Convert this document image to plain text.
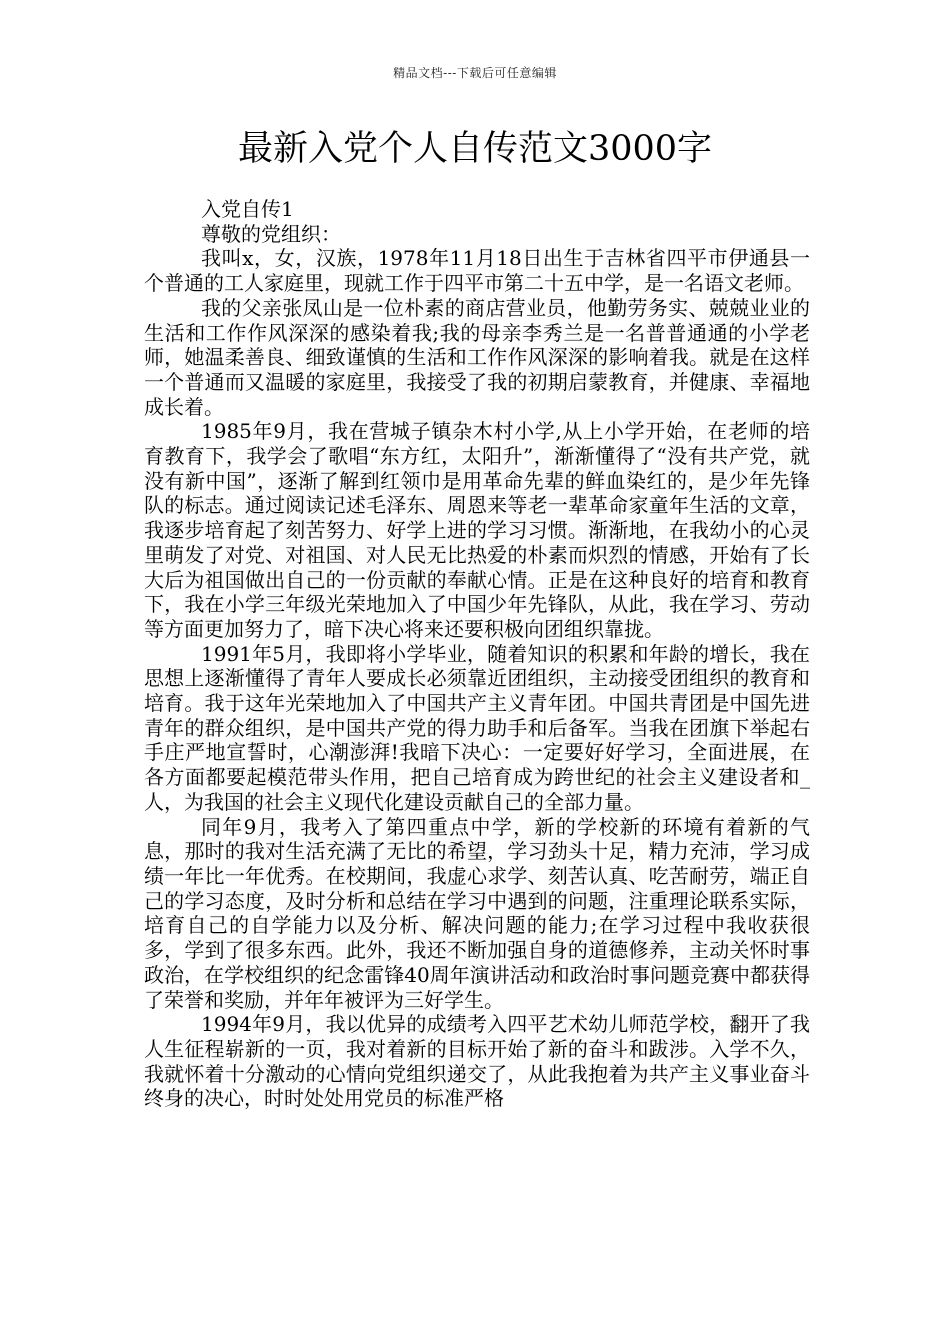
精品文档---下载后可任意编辑
最新入党个人自传范文3000字

入党自传1

尊敬的党组织：

我叫x，女，汉族，1978年11月18日出生于吉林省四平市伊通县一个普通的工人家庭里，现就工作于四平市第二十五中学，是一名语文老师。

我的父亲张凤山是一位朴素的商店营业员，他勤劳务实、兢兢业业的生活和工作作风深深的感染着我;我的母亲李秀兰是一名普普通通的小学老师，她温柔善良、细致谨慎的生活和工作作风深深的影响着我。就是在这样一个普通而又温暖的家庭里，我接受了我的初期启蒙教育，并健康、幸福地成长着。

1985年9月，我在营城子镇杂木村小学,从上小学开始，在老师的培育教育下，我学会了歌唱“东方红，太阳升”，渐渐懂得了“没有共产党，就没有新中国”，逐渐了解到红领巾是用革命先辈的鲜血染红的，是少年先锋队的标志。通过阅读记述毛泽东、周恩来等老一辈革命家童年生活的文章，我逐步培育起了刻苦努力、好学上进的学习习惯。渐渐地，在我幼小的心灵里萌发了对党、对祖国、对人民无比热爱的朴素而炽烈的情感，开始有了长大后为祖国做出自己的一份贡献的奉献心情。正是在这种良好的培育和教育下，我在小学三年级光荣地加入了中国少年先锋队，从此，我在学习、劳动等方面更加努力了，暗下决心将来还要积极向团组织靠拢。

1991年5月，我即将小学毕业，随着知识的积累和年龄的增长，我在思想上逐渐懂得了青年人要成长必须靠近团组织，主动接受团组织的教育和培育。我于这年光荣地加入了中国共产主义青年团。中国共青团是中国先进青年的群众组织，是中国共产党的得力助手和后备军。当我在团旗下举起右手庄严地宣誓时，心潮澎湃!我暗下决心：一定要好好学习，全面进展，在各方面都要起模范带头作用，把自己培育成为跨世纪的社会主义建设者和_人，为我国的社会主义现代化建设贡献自己的全部力量。

同年9月，我考入了第四重点中学，新的学校新的环境有着新的气息，那时的我对生活充满了无比的希望，学习劲头十足，精力充沛，学习成绩一年比一年优秀。在校期间，我虚心求学、刻苦认真、吃苦耐劳，端正自己的学习态度，及时分析和总结在学习中遇到的问题，注重理论联系实际，培育自己的自学能力以及分析、解决问题的能力;在学习过程中我收获很多，学到了很多东西。此外，我还不断加强自身的道德修养，主动关怀时事政治，在学校组织的纪念雷锋40周年演讲活动和政治时事问题竞赛中都获得了荣誉和奖励，并年年被评为三好学生。

1994年9月，我以优异的成绩考入四平艺术幼儿师范学校，翻开了我人生征程崭新的一页，我对着新的目标开始了新的奋斗和跋涉。入学不久，我就怀着十分激动的心情向党组织递交了，从此我抱着为共产主义事业奋斗终身的决心，时时处处用党员的标准严格
